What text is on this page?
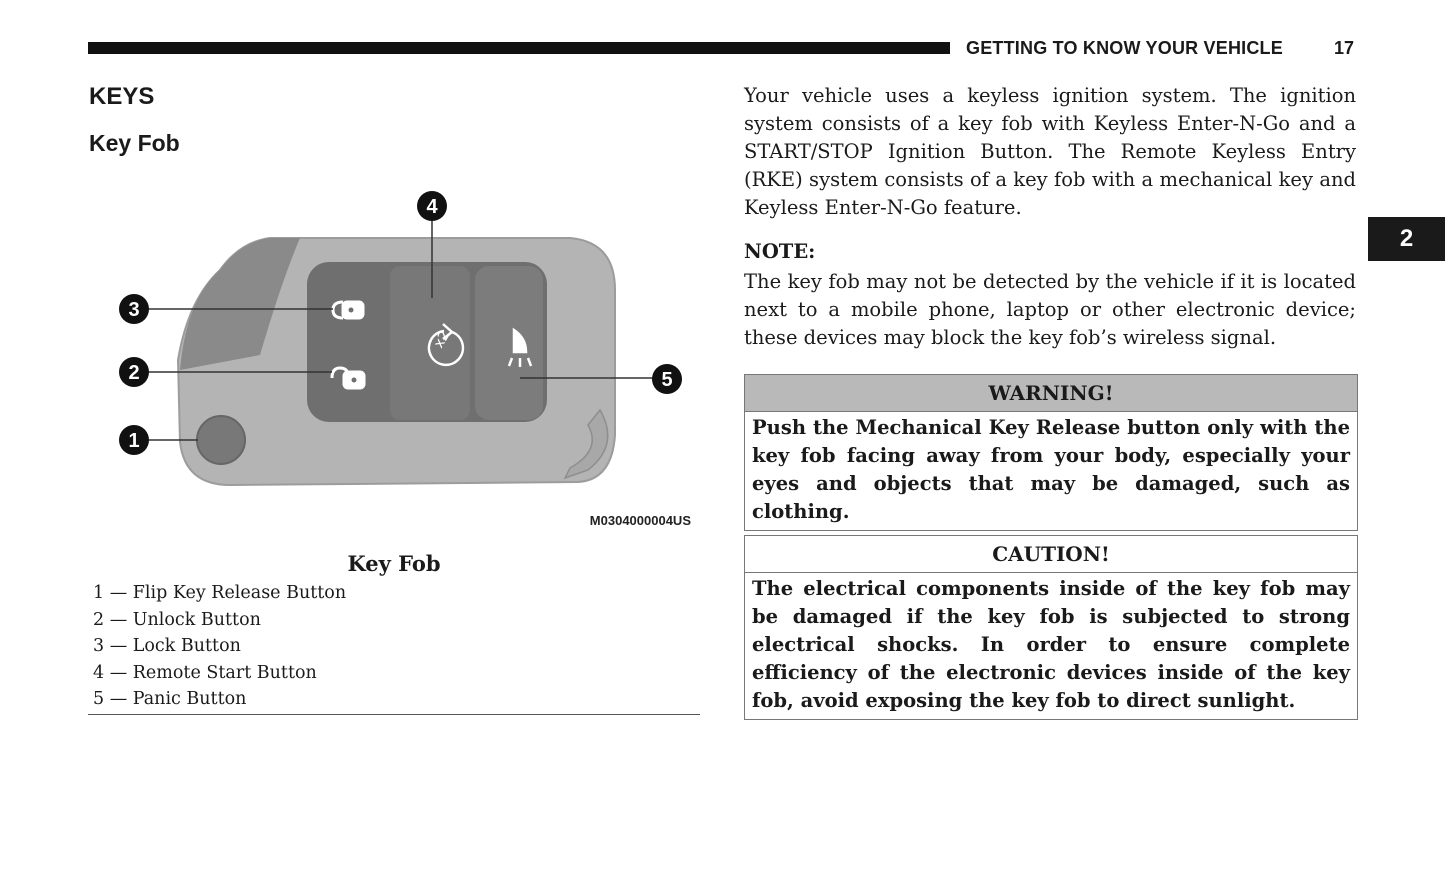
GETTING TO KNOW YOUR VEHICLE	17
2
KEYS
Key Fob
x2
1
2
3
4
5
M0304000004US
Key Fob
1 — Flip Key Release Button
2 — Unlock Button
3 — Lock Button
4 — Remote Start Button
5 — Panic Button

Your vehicle uses a keyless ignition system. The ignition system consists of a key fob with Keyless Enter-N-Go and a START/STOP Ignition Button. The Remote Keyless Entry (RKE) system consists of a key fob with a mechanical key and Keyless Enter-N-Go feature.

NOTE:

The key fob may not be detected by the vehicle if it is located next to a mobile phone, laptop or other electronic device; these devices may block the key fob’s wireless signal.

WARNING!
Push the Mechanical Key Release button only with the key fob facing away from your body, especially your eyes and objects that may be damaged, such as clothing.
CAUTION!
The electrical components inside of the key fob may be damaged if the key fob is subjected to strong electrical shocks. In order to ensure complete efficiency of the electronic devices inside of the key fob, avoid exposing the key fob to direct sunlight.
